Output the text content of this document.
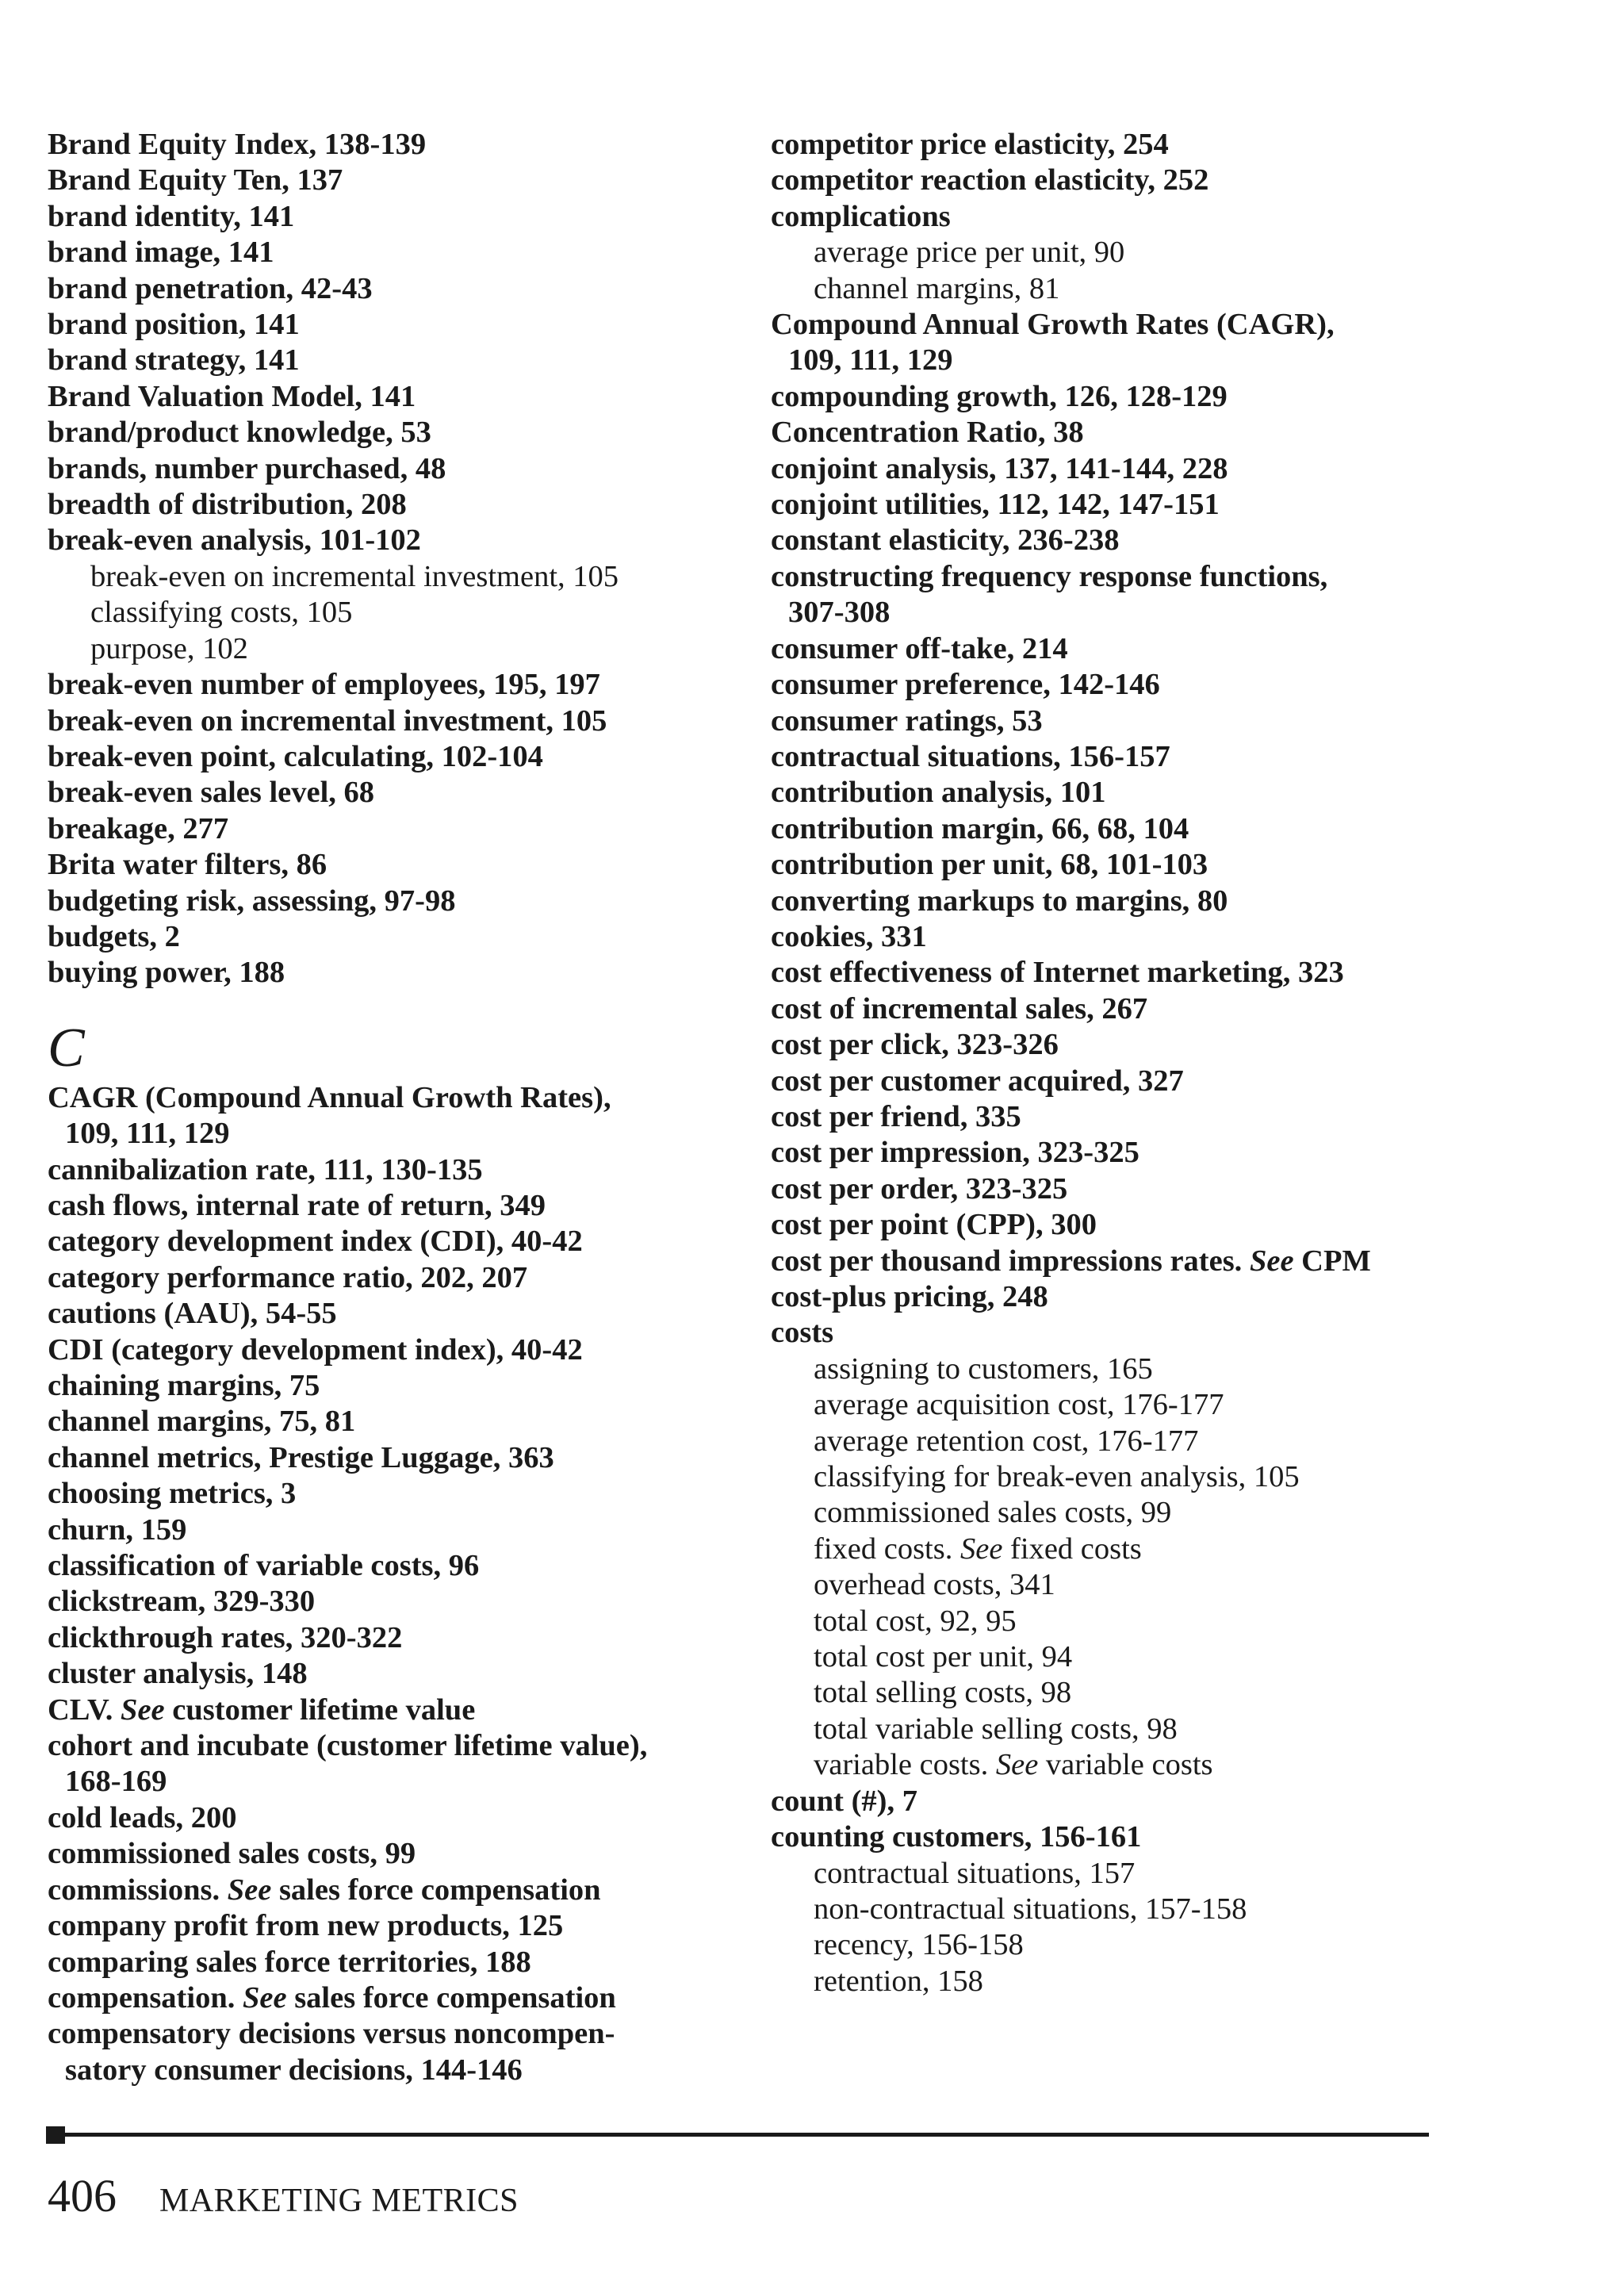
Brand Equity Index, 138-139
Brand Equity Ten, 137
brand identity, 141
brand image, 141
brand penetration, 42-43
brand position, 141
brand strategy, 141
Brand Valuation Model, 141
brand/product knowledge, 53
brands, number purchased, 48
breadth of distribution, 208
break-even analysis, 101-102
break-even on incremental investment, 105
classifying costs, 105
purpose, 102
break-even number of employees, 195, 197
break-even on incremental investment, 105
break-even point, calculating, 102-104
break-even sales level, 68
breakage, 277
Brita water filters, 86
budgeting risk, assessing, 97-98
budgets, 2
buying power, 188
C
CAGR (Compound Annual Growth Rates),
109, 111, 129
cannibalization rate, 111, 130-135
cash flows, internal rate of return, 349
category development index (CDI), 40-42
category performance ratio, 202, 207
cautions (AAU), 54-55
CDI (category development index), 40-42
chaining margins, 75
channel margins, 75, 81
channel metrics, Prestige Luggage, 363
choosing metrics, 3
churn, 159
classification of variable costs, 96
clickstream, 329-330
clickthrough rates, 320-322
cluster analysis, 148
CLV. See customer lifetime value
cohort and incubate (customer lifetime value),
168-169
cold leads, 200
commissioned sales costs, 99
commissions. See sales force compensation
company profit from new products, 125
comparing sales force territories, 188
compensation. See sales force compensation
compensatory decisions versus noncompen-
satory consumer decisions, 144-146
competitor price elasticity, 254
competitor reaction elasticity, 252
complications
average price per unit, 90
channel margins, 81
Compound Annual Growth Rates (CAGR),
109, 111, 129
compounding growth, 126, 128-129
Concentration Ratio, 38
conjoint analysis, 137, 141-144, 228
conjoint utilities, 112, 142, 147-151
constant elasticity, 236-238
constructing frequency response functions,
307-308
consumer off-take, 214
consumer preference, 142-146
consumer ratings, 53
contractual situations, 156-157
contribution analysis, 101
contribution margin, 66, 68, 104
contribution per unit, 68, 101-103
converting markups to margins, 80
cookies, 331
cost effectiveness of Internet marketing, 323
cost of incremental sales, 267
cost per click, 323-326
cost per customer acquired, 327
cost per friend, 335
cost per impression, 323-325
cost per order, 323-325
cost per point (CPP), 300
cost per thousand impressions rates. See CPM
cost-plus pricing, 248
costs
assigning to customers, 165
average acquisition cost, 176-177
average retention cost, 176-177
classifying for break-even analysis, 105
commissioned sales costs, 99
fixed costs. See fixed costs
overhead costs, 341
total cost, 92, 95
total cost per unit, 94
total selling costs, 98
total variable selling costs, 98
variable costs. See variable costs
count (#), 7
counting customers, 156-161
contractual situations, 157
non-contractual situations, 157-158
recency, 156-158
retention, 158
406 MARKETING METRICS
